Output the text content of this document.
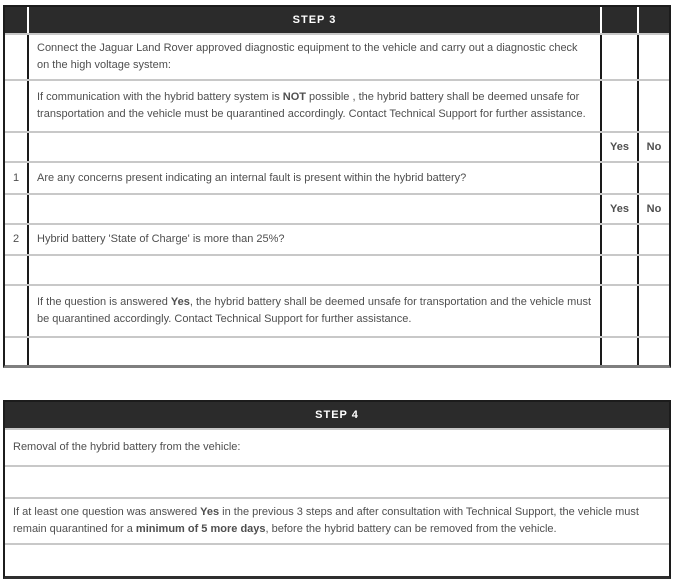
STEP 3
Connect the Jaguar Land Rover approved diagnostic equipment to the vehicle and carry out a diagnostic check on the high voltage system:
If communication with the hybrid battery system is NOT possible , the hybrid battery shall be deemed unsafe for transportation and the vehicle must be quarantined accordingly. Contact Technical Support for further assistance.
Yes	No
1	Are any concerns present indicating an internal fault is present within the hybrid battery?
Yes	No
2	Hybrid battery 'State of Charge' is more than 25%?
If the question is answered Yes, the hybrid battery shall be deemed unsafe for transportation and the vehicle must be quarantined accordingly. Contact Technical Support for further assistance.
STEP 4
Removal of the hybrid battery from the vehicle:
If at least one question was answered Yes in the previous 3 steps and after consultation with Technical Support, the vehicle must remain quarantined for a minimum of 5 more days, before the hybrid battery can be removed from the vehicle.
